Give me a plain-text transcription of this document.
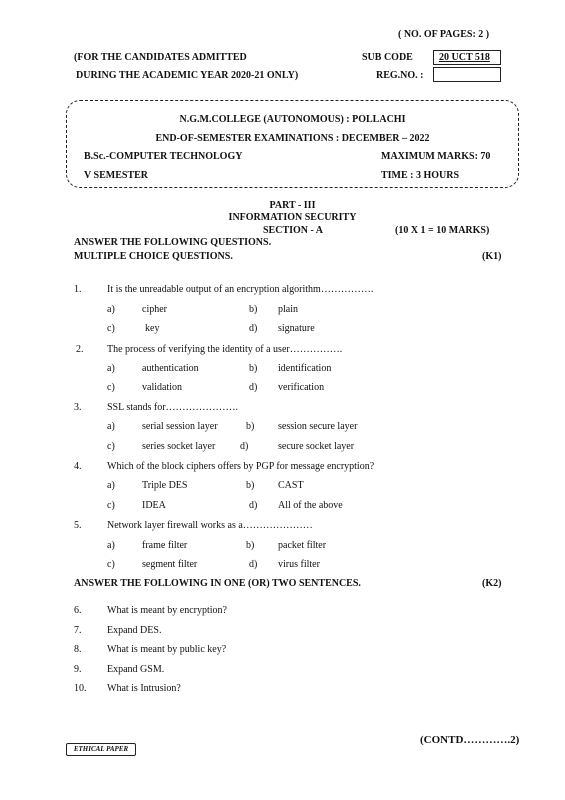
( NO. OF PAGES: 2 )
(FOR THE CANDIDATES ADMITTED
DURING THE ACADEMIC YEAR 2020-21 ONLY)
SUB CODE	20 UCT 518
REG.NO. :
N.G.M.COLLEGE (AUTONOMOUS) : POLLACHI
END-OF-SEMESTER EXAMINATIONS : DECEMBER – 2022
B.Sc.-COMPUTER TECHNOLOGY	MAXIMUM MARKS: 70
V SEMESTER	TIME : 3 HOURS
PART - III
INFORMATION SECURITY
SECTION - A	(10 X 1 = 10 MARKS)
ANSWER THE FOLLOWING QUESTIONS.
MULTIPLE CHOICE QUESTIONS.	(K1)
1.	It is the unreadable output of an encryption algorithm…………….
a)	cipher	b) plain
c)	key	d) signature
2. The process of verifying the identity of a user…………….
a)	authentication	b) identification
c)	validation	d) verification
3.	SSL stands for………………….
a)	serial session layer	b) session secure layer
c)	series socket layer d)	secure socket layer
4.	Which of the block ciphers offers by PGP for message encryption?
a)	Triple DES	b) CAST
c)	IDEA	d) All of the above
5.	Network layer firewall works as a…………………
a)	frame filter	b) packet filter
c)	segment filter	d) virus filter
ANSWER THE FOLLOWING IN ONE (OR) TWO SENTENCES.	(K2)
6.	What is meant by encryption?
7.	Expand DES.
8.	What is meant by public key?
9.	Expand GSM.
10. What is Intrusion?
ETHICAL PAPER
(CONTD………….2)
